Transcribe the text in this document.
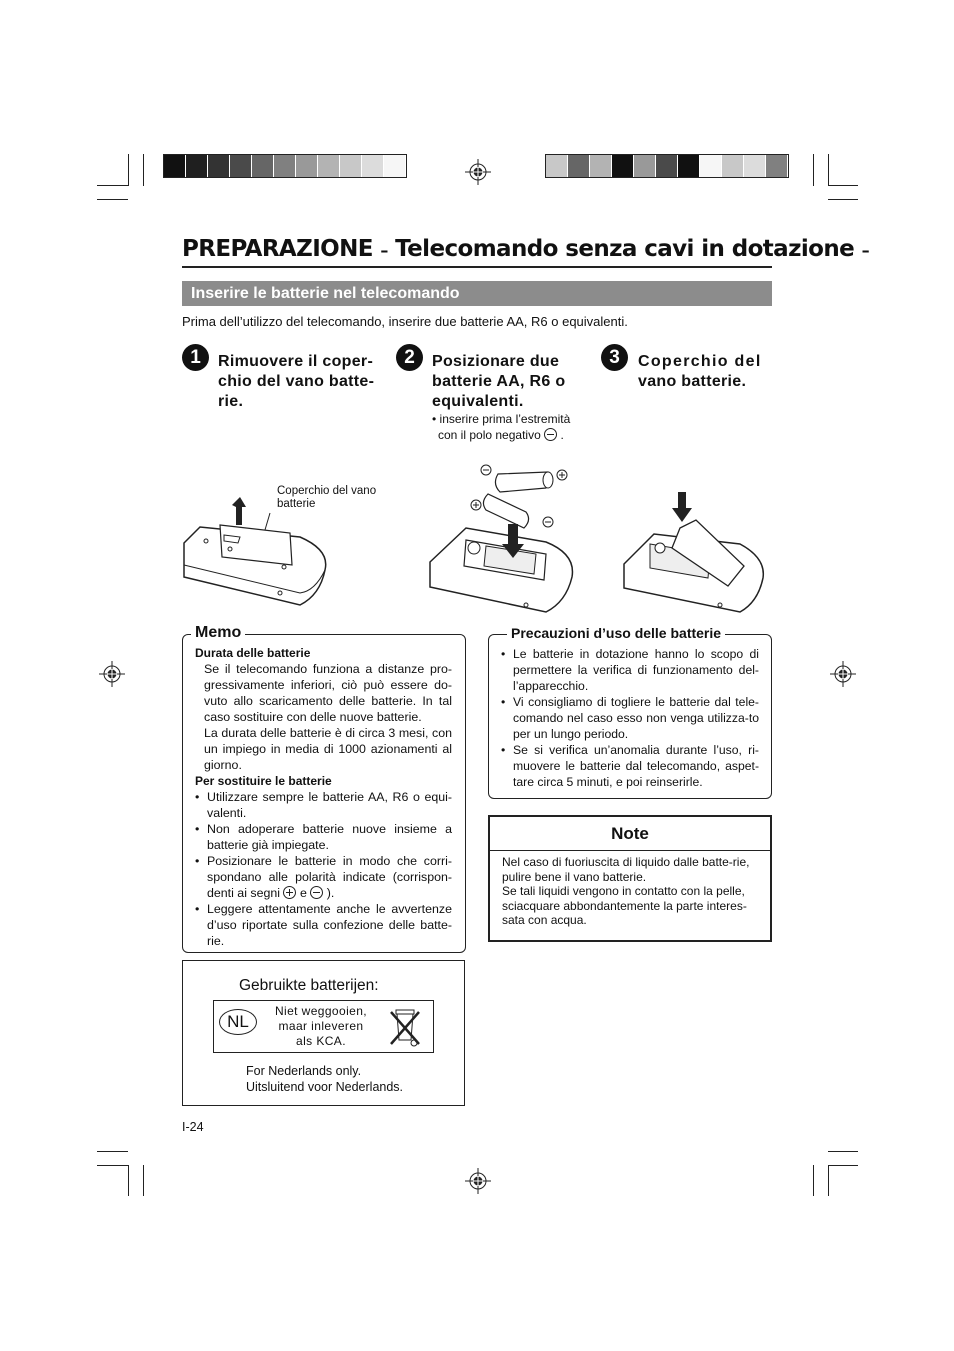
PREPARAZIONE – Telecomando senza cavi in dotazione –
Inserire le batterie nel telecomando
Prima dell’utilizzo del telecomando, inserire due batterie AA, R6 o equivalenti.
1	Rimuovere il coper-
chio del vano batte-
rie.
2	Posizionare due
batterie AA, R6 o
equivalenti.
• inserire prima l’estremità
con il polo negativo .
3	Coperchio del
vano batterie.
Coperchio del vano
batterie
Memo

Durata delle batterie

Se il telecomando funziona a distanze pro-gressivamente inferiori, ciò può essere do-vuto allo scaricamento delle batterie. In tal caso sostituire con delle nuove batterie.

La durata delle batterie è di circa 3 mesi, con un impiego in media di 1000 azionamenti al giorno.

Per sostituire le batterie

• Utilizzare sempre le batterie AA, R6 o equi-valenti.

• Non adoperare batterie nuove insieme a batterie già impiegate.

• Posizionare le batterie in modo che corri-spondano alle polarità indicate (corrispon-denti ai segni e ).

• Leggere attentamente anche le avvertenze d’uso riportate sulla confezione delle batte-rie.

Precauzioni d’uso delle batterie

• Le batterie in dotazione hanno lo scopo di permettere la verifica di funzionamento del-l’apparecchio.

• Vi consigliamo di togliere le batterie dal tele-comando nel caso esso non venga utilizza-to per un lungo periodo.

• Se si verifica un’anomalia durante l’uso, ri-muovere le batterie dal telecomando, aspet-tare circa 5 minuti, e poi reinserirle.

Note
Nel caso di fuoriuscita di liquido dalle batte-rie, pulire bene il vano batterie.
Se tali liquidi vengono in contatto con la pelle, sciacquare abbondantemente la parte interes-sata con acqua.
Gebruikte batterijen:
NL
Niet weggooien,
maar inleveren
als KCA.
For Nederlands only.
Uitsluitend voor Nederlands.
I-24
